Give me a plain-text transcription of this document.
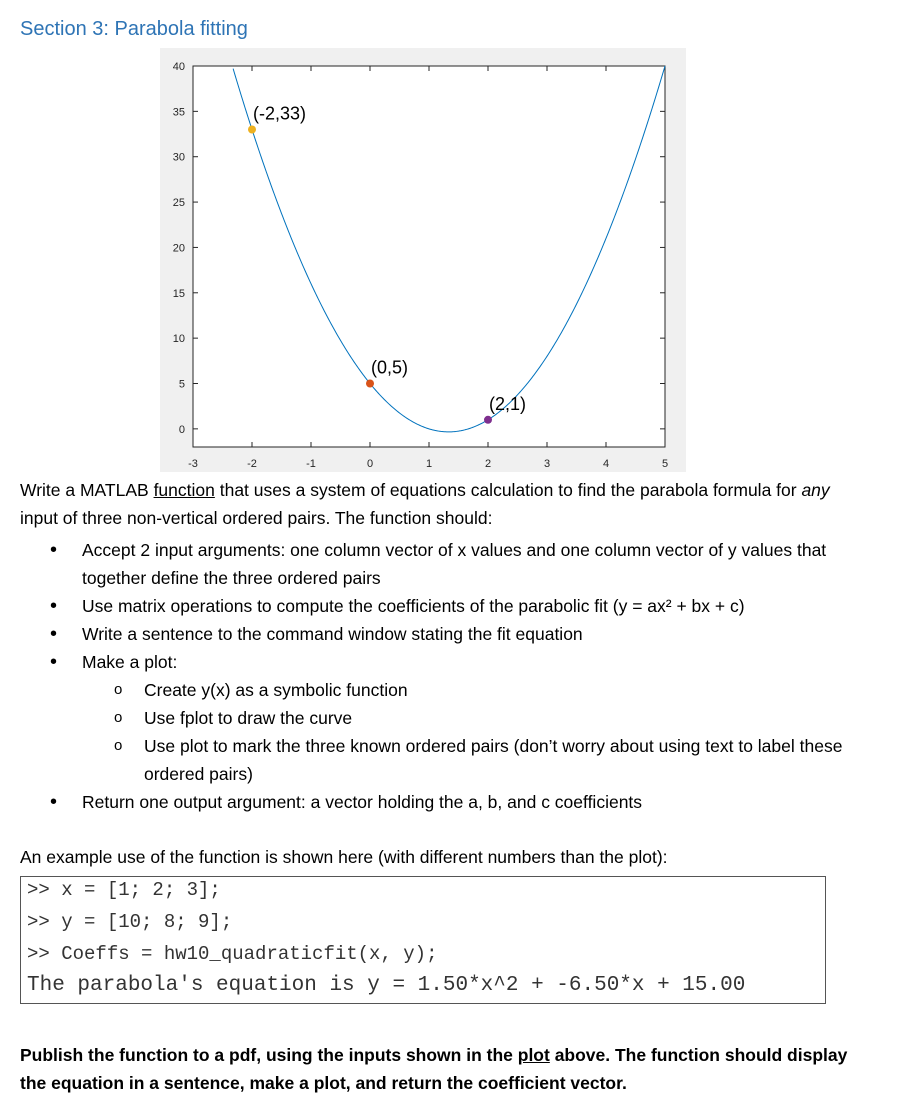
Section 3: Parabola fitting
-3	-2	-1	0	1	2	3	4	5
40
35
30
25
20
15
10
5
0
(-2,33)
(0,5)
(2,1)
Write a MATLAB function that uses a system of equations calculation to find the parabola formula for any input of three non-vertical ordered pairs. The function should:
• Accept 2 input arguments: one column vector of x values and one column vector of y values that together define the three ordered pairs
• Use matrix operations to compute the coefficients of the parabolic fit (y = ax² + bx + c)
• Write a sentence to the command window stating the fit equation
• Make a plot:
o Create y(x) as a symbolic function
o Use fplot to draw the curve
o Use plot to mark the three known ordered pairs (don’t worry about using text to label these ordered pairs)
• Return one output argument: a vector holding the a, b, and c coefficients
An example use of the function is shown here (with different numbers than the plot):
>> x = [1; 2; 3];
>> y = [10; 8; 9];
>> Coeffs = hw10_quadraticfit(x, y);
The parabola's equation is y = 1.50*x^2 + -6.50*x + 15.00
Publish the function to a pdf, using the inputs shown in the plot above. The function should display the equation in a sentence, make a plot, and return the coefficient vector.
